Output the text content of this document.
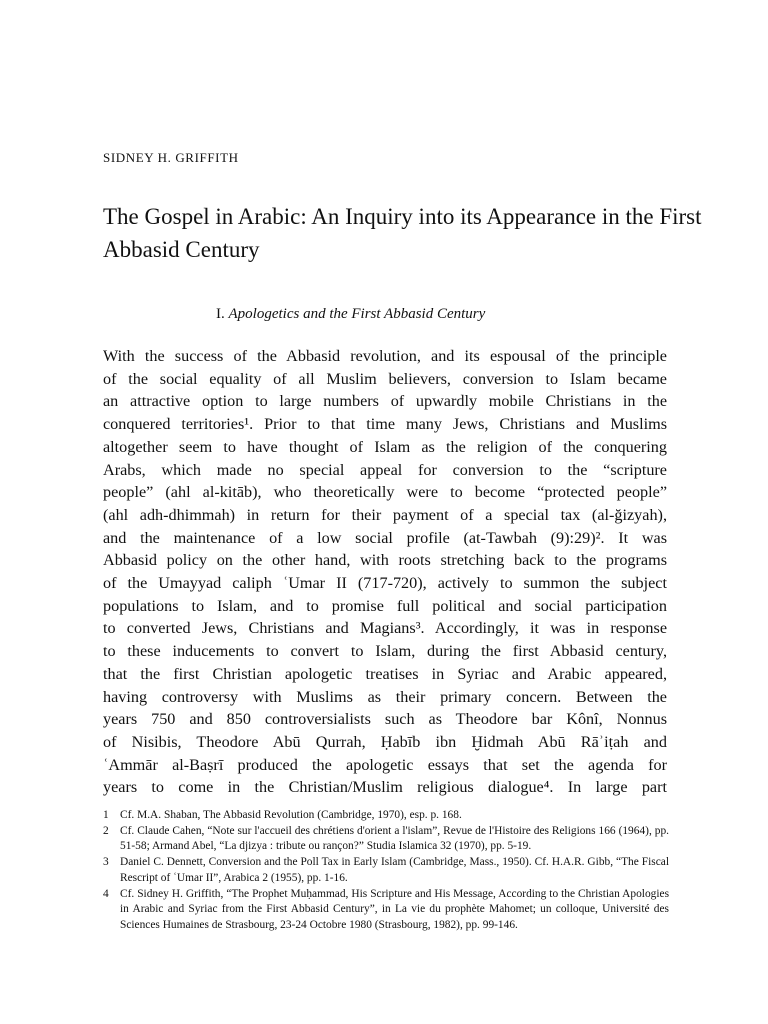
SIDNEY H. GRIFFITH
The Gospel in Arabic: An Inquiry into its Appearance in the First Abbasid Century
I. Apologetics and the First Abbasid Century
With the success of the Abbasid revolution, and its espousal of the principle
of the social equality of all Muslim believers, conversion to Islam became
an attractive option to large numbers of upwardly mobile Christians in the
conquered territories¹. Prior to that time many Jews, Christians and Muslims
altogether seem to have thought of Islam as the religion of the conquering
Arabs, which made no special appeal for conversion to the “scripture
people” (ahl al-kitāb), who theoretically were to become “protected people”
(ahl adh-dhimmah) in return for their payment of a special tax (al-ğizyah),
and the maintenance of a low social profile (at-Tawbah (9):29)². It was
Abbasid policy on the other hand, with roots stretching back to the programs
of the Umayyad caliph ʿUmar II (717-720), actively to summon the subject
populations to Islam, and to promise full political and social participation
to converted Jews, Christians and Magians³. Accordingly, it was in response
to these inducements to convert to Islam, during the first Abbasid century,
that the first Christian apologetic treatises in Syriac and Arabic appeared,
having controversy with Muslims as their primary concern. Between the
years 750 and 850 controversialists such as Theodore bar Kônî, Nonnus
of Nisibis, Theodore Abū Qurrah, Ḥabīb ibn Ḫidmah Abū Rāʾiṭah and
ʿAmmār al-Baṣrī produced the apologetic essays that set the agenda for
years to come in the Christian/Muslim religious dialogue⁴. In large part
1 Cf. M.A. Shaban, The Abbasid Revolution (Cambridge, 1970), esp. p. 168.
2 Cf. Claude Cahen, “Note sur l'accueil des chrétiens d'orient a l'islam”, Revue de l'Histoire des Religions 166 (1964), pp. 51-58; Armand Abel, “La djizya : tribute ou rançon?” Studia Islamica 32 (1970), pp. 5-19.
3 Daniel C. Dennett, Conversion and the Poll Tax in Early Islam (Cambridge, Mass., 1950). Cf. H.A.R. Gibb, “The Fiscal Rescript of ʿUmar II”, Arabica 2 (1955), pp. 1-16.
4 Cf. Sidney H. Griffith, “The Prophet Muḥammad, His Scripture and His Message, According to the Christian Apologies in Arabic and Syriac from the First Abbasid Century”, in La vie du prophète Mahomet; un colloque, Université des Sciences Humaines de Strasbourg, 23-24 Octobre 1980 (Strasbourg, 1982), pp. 99-146.
